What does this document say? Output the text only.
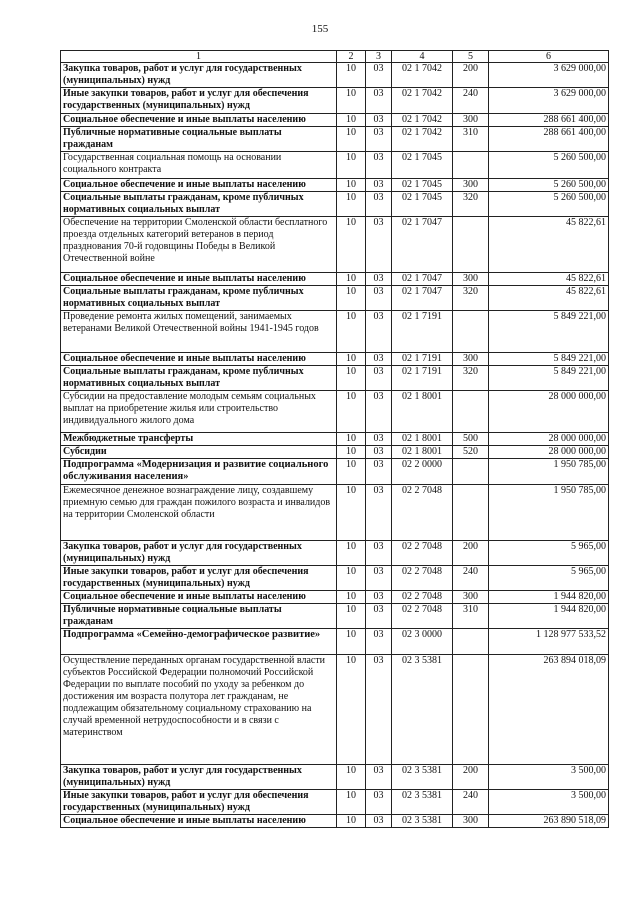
155
1	2	3	4	5	6
Закупка товаров, работ и услуг для государственных (муниципальных) нужд	10	03	02 1 7042	200	3 629 000,00
Иные закупки товаров, работ и услуг для обеспечения государственных (муниципальных) нужд	10	03	02 1 7042	240	3 629 000,00
Социальное обеспечение и иные выплаты населению	10	03	02 1 7042	300	288 661 400,00
Публичные нормативные социальные выплаты гражданам	10	03	02 1 7042	310	288 661 400,00
Государственная социальная помощь на основании социального контракта	10	03	02 1 7045		5 260 500,00
Социальное обеспечение и иные выплаты населению	10	03	02 1 7045	300	5 260 500,00
Социальные выплаты гражданам, кроме публичных нормативных социальных выплат	10	03	02 1 7045	320	5 260 500,00
Обеспечение на территории Смоленской области бесплатного проезда отдельных категорий ветеранов в период празднования 70-й годовщины Победы в Великой Отечественной войне	10	03	02 1 7047		45 822,61
Социальное обеспечение и иные выплаты населению	10	03	02 1 7047	300	45 822,61
Социальные выплаты гражданам, кроме публичных нормативных социальных выплат	10	03	02 1 7047	320	45 822,61
Проведение ремонта жилых помещений, занимаемых ветеранами Великой Отечественной войны 1941-1945 годов	10	03	02 1 7191		5 849 221,00
Социальное обеспечение и иные выплаты населению	10	03	02 1 7191	300	5 849 221,00
Социальные выплаты гражданам, кроме публичных нормативных социальных выплат	10	03	02 1 7191	320	5 849 221,00
Субсидии на предоставление молодым семьям социальных выплат на приобретение жилья или строительство индивидуального жилого дома	10	03	02 1 8001		28 000 000,00
Межбюджетные трансферты	10	03	02 1 8001	500	28 000 000,00
Субсидии	10	03	02 1 8001	520	28 000 000,00
Подпрограмма «Модернизация и развитие социального обслуживания населения»	10	03	02 2 0000		1 950 785,00
Ежемесячное денежное вознаграждение лицу, создавшему приемную семью для граждан пожилого возраста и инвалидов на территории Смоленской области	10	03	02 2 7048		1 950 785,00
Закупка товаров, работ и услуг для государственных (муниципальных) нужд	10	03	02 2 7048	200	5 965,00
Иные закупки товаров, работ и услуг для обеспечения государственных (муниципальных) нужд	10	03	02 2 7048	240	5 965,00
Социальное обеспечение и иные выплаты населению	10	03	02 2 7048	300	1 944 820,00
Публичные нормативные социальные выплаты гражданам	10	03	02 2 7048	310	1 944 820,00
Подпрограмма «Семейно-демографическое развитие»	10	03	02 3 0000		1 128 977 533,52
Осуществление переданных органам государственной власти субъектов Российской Федерации полномочий Российской Федерации по выплате пособий по уходу за ребенком до достижения им возраста полутора лет гражданам, не подлежащим обязательному социальному страхованию на случай временной нетрудоспособности и в связи с материнством	10	03	02 3 5381		263 894 018,09
Закупка товаров, работ и услуг для государственных (муниципальных) нужд	10	03	02 3 5381	200	3 500,00
Иные закупки товаров, работ и услуг для обеспечения государственных (муниципальных) нужд	10	03	02 3 5381	240	3 500,00
Социальное обеспечение и иные выплаты населению	10	03	02 3 5381	300	263 890 518,09
